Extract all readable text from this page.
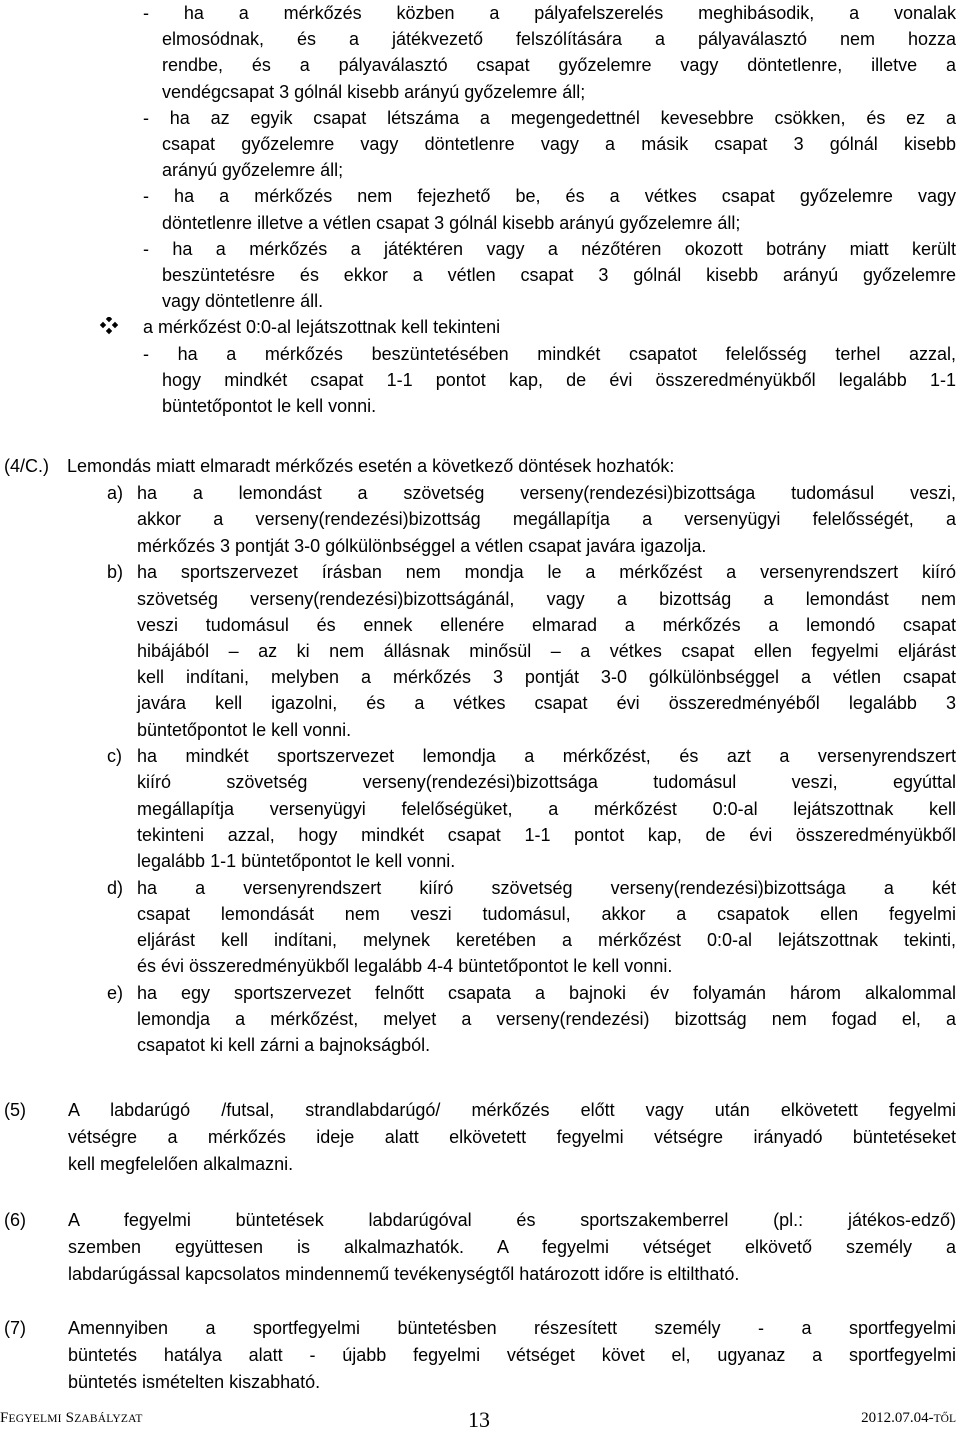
- ha a mérkőzés közben a pályafelszerelés meghibásodik, a vonalak
elmosódnak, és a játékvezető felszólítására a pályaválasztó nem hozza
rendbe, és a pályaválasztó csapat győzelemre vagy döntetlenre, illetve a
vendégcsapat 3 gólnál kisebb arányú győzelemre áll;
- ha az egyik csapat létszáma a megengedettnél kevesebbre csökken, és ez a
csapat győzelemre vagy döntetlenre vagy a másik csapat 3 gólnál kisebb
arányú győzelemre áll;
- ha a mérkőzés nem fejezhető be, és a vétkes csapat győzelemre vagy
döntetlenre illetve a vétlen csapat 3 gólnál kisebb arányú győzelemre áll;
- ha a mérkőzés a játéktéren vagy a nézőtéren okozott botrány miatt került
beszüntetésre és ekkor a vétlen csapat 3 gólnál kisebb arányú győzelemre
vagy döntetlenre áll.
a mérkőzést 0:0-al lejátszottnak kell tekinteni
- ha a mérkőzés beszüntetésében mindkét csapatot felelősség terhel azzal,
hogy mindkét csapat 1-1 pontot kap, de évi összeredményükből legalább 1-1
büntetőpontot le kell vonni.
(4/C.) Lemondás miatt elmaradt mérkőzés esetén a következő döntések hozhatók:
a) ha a lemondást a szövetség verseny(rendezési)bizottsága tudomásul veszi,
akkor a verseny(rendezési)bizottság megállapítja a versenyügyi felelősségét, a
mérkőzés 3 pontját 3-0 gólkülönbséggel a vétlen csapat javára igazolja.
b) ha sportszervezet írásban nem mondja le a mérkőzést a versenyrendszert kiíró
szövetség verseny(rendezési)bizottságánál, vagy a bizottság a lemondást nem
veszi tudomásul és ennek ellenére elmarad a mérkőzés a lemondó csapat
hibájából – az ki nem állásnak minősül – a vétkes csapat ellen fegyelmi eljárást
kell indítani, melyben a mérkőzés 3 pontját 3-0 gólkülönbséggel a vétlen csapat
javára kell igazolni, és a vétkes csapat évi összeredményéből legalább 3
büntetőpontot le kell vonni.
c) ha mindkét sportszervezet lemondja a mérkőzést, és azt a versenyrendszert
kiíró szövetség verseny(rendezési)bizottsága tudomásul veszi, egyúttal
megállapítja versenyügyi felelőségüket, a mérkőzést 0:0-al lejátszottnak kell
tekinteni azzal, hogy mindkét csapat 1-1 pontot kap, de évi összeredményükből
legalább 1-1 büntetőpontot le kell vonni.
d) ha a versenyrendszert kiíró szövetség verseny(rendezési)bizottsága a két
csapat lemondását nem veszi tudomásul, akkor a csapatok ellen fegyelmi
eljárást kell indítani, melynek keretében a mérkőzést 0:0-al lejátszottnak tekinti,
és évi összeredményükből legalább 4-4 büntetőpontot le kell vonni.
e) ha egy sportszervezet felnőtt csapata a bajnoki év folyamán három alkalommal
lemondja a mérkőzést, melyet a verseny(rendezési) bizottság nem fogad el, a
csapatot ki kell zárni a bajnokságból.
(5) A labdarúgó /futsal, strandlabdarúgó/ mérkőzés előtt vagy után elkövetett fegyelmi
vétségre a mérkőzés ideje alatt elkövetett fegyelmi vétségre irányadó büntetéseket
kell megfelelően alkalmazni.
(6) A fegyelmi büntetések labdarúgóval és sportszakemberrel (pl.: játékos-edző)
szemben együttesen is alkalmazhatók. A fegyelmi vétséget elkövető személy a
labdarúgással kapcsolatos mindennemű tevékenységtől határozott időre is eltiltható.
(7) Amennyiben a sportfegyelmi büntetésben részesített személy - a sportfegyelmi
büntetés hatálya alatt - újabb fegyelmi vétséget követ el, ugyanaz a sportfegyelmi
büntetés ismételten kiszabható.
FEGYELMI SZABÁLYZAT	13	2012.07.04-TŐL
